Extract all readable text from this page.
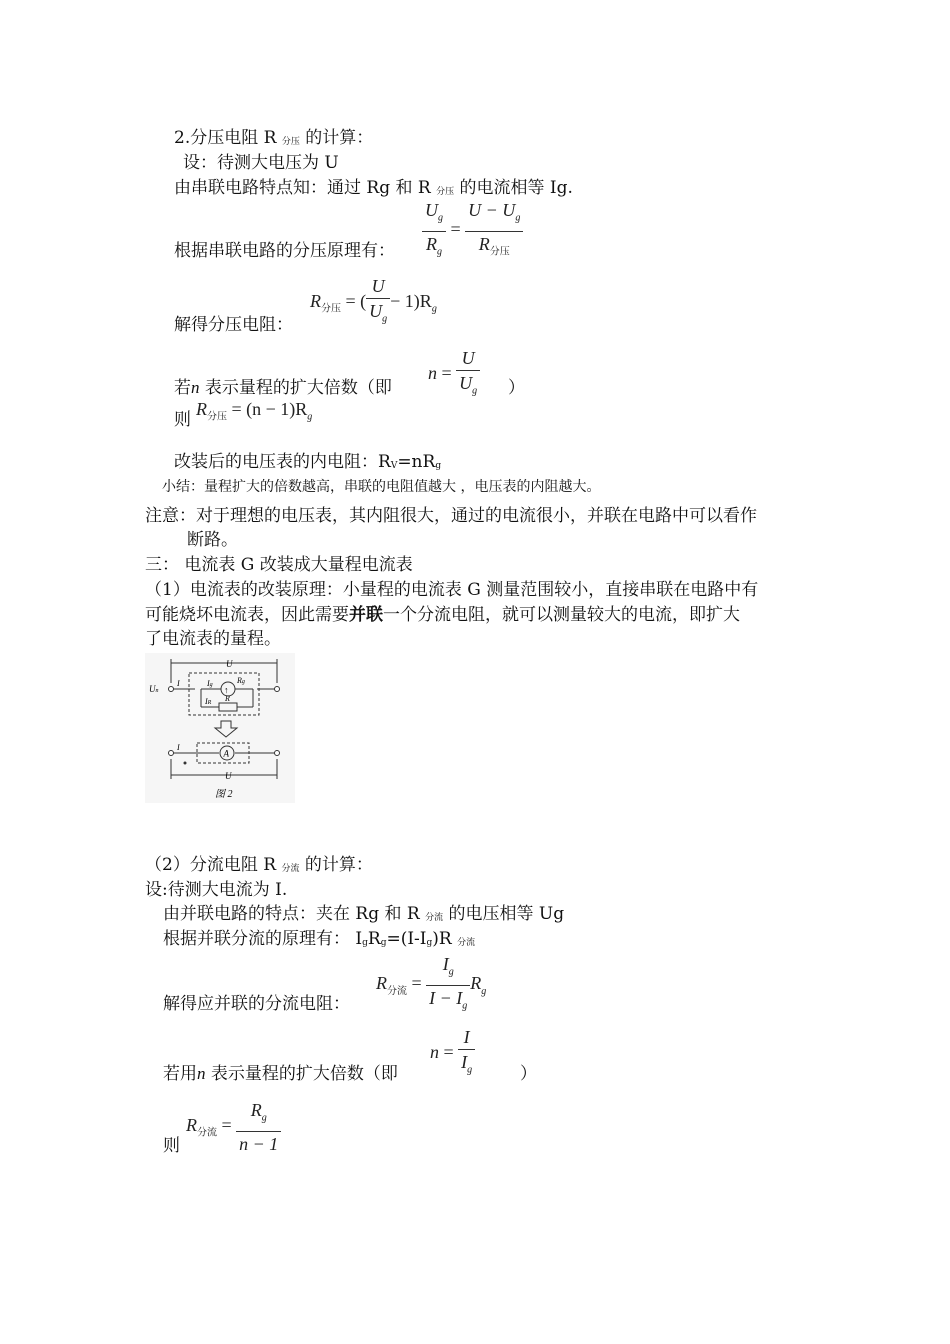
2.分压电阻 R 分压 的计算：
设：待测大电压为 U
由串联电路特点知：通过 Rg 和 R 分压 的电流相等 Ig.
根据串联电路的分压原理有： $\frac{U_g}{R_g} = \frac{U - U_g}{R_{分压}}$
解得分压电阻：
$R_{分压}$ = ( $\frac{U}{U_g} - 1)R_g$
若n 表示量程的扩大倍数（即
$n = \frac{U}{U_g}$ ）
则
$R_{分压} = (n - 1)R_g$
改装后的电压表的内电阻：RV=nRg
小结：量程扩大的倍数越高，串联的电阻值越大 ，电压表的内阻越大。
注意：对于理想的电压表，其内阻很大，通过的电流很小，并联在电路中可以看作
断路。
三： 电流表 G 改装成大量程电流表
（1）电流表的改装原理：小量程的电流表 G 测量范围较小，直接串联在电路中有
可能烧坏电流表，因此需要并联一个分流电阻，就可以测量较大的电流，即扩大
了电流表的量程。
U
Un
I	Ig	Rg
IR R
↑
A
I
U
图 2
（2）分流电阻 R 分流 的计算：
设:待测大电流为 I.
由并联电路的特点：夹在 Rg 和 R 分流 的电压相等 Ug
根据并联分流的原理有： IgRg=(I-Ig)R 分流
解得应并联的分流电阻：
$R_{分流} = \frac{I_g}{I - I_g} R_g$
若用n 表示量程的扩大倍数（即
$n = \frac{I}{I_g}$	）
则
$R_{分流} = \frac{R_g}{n - 1}$
